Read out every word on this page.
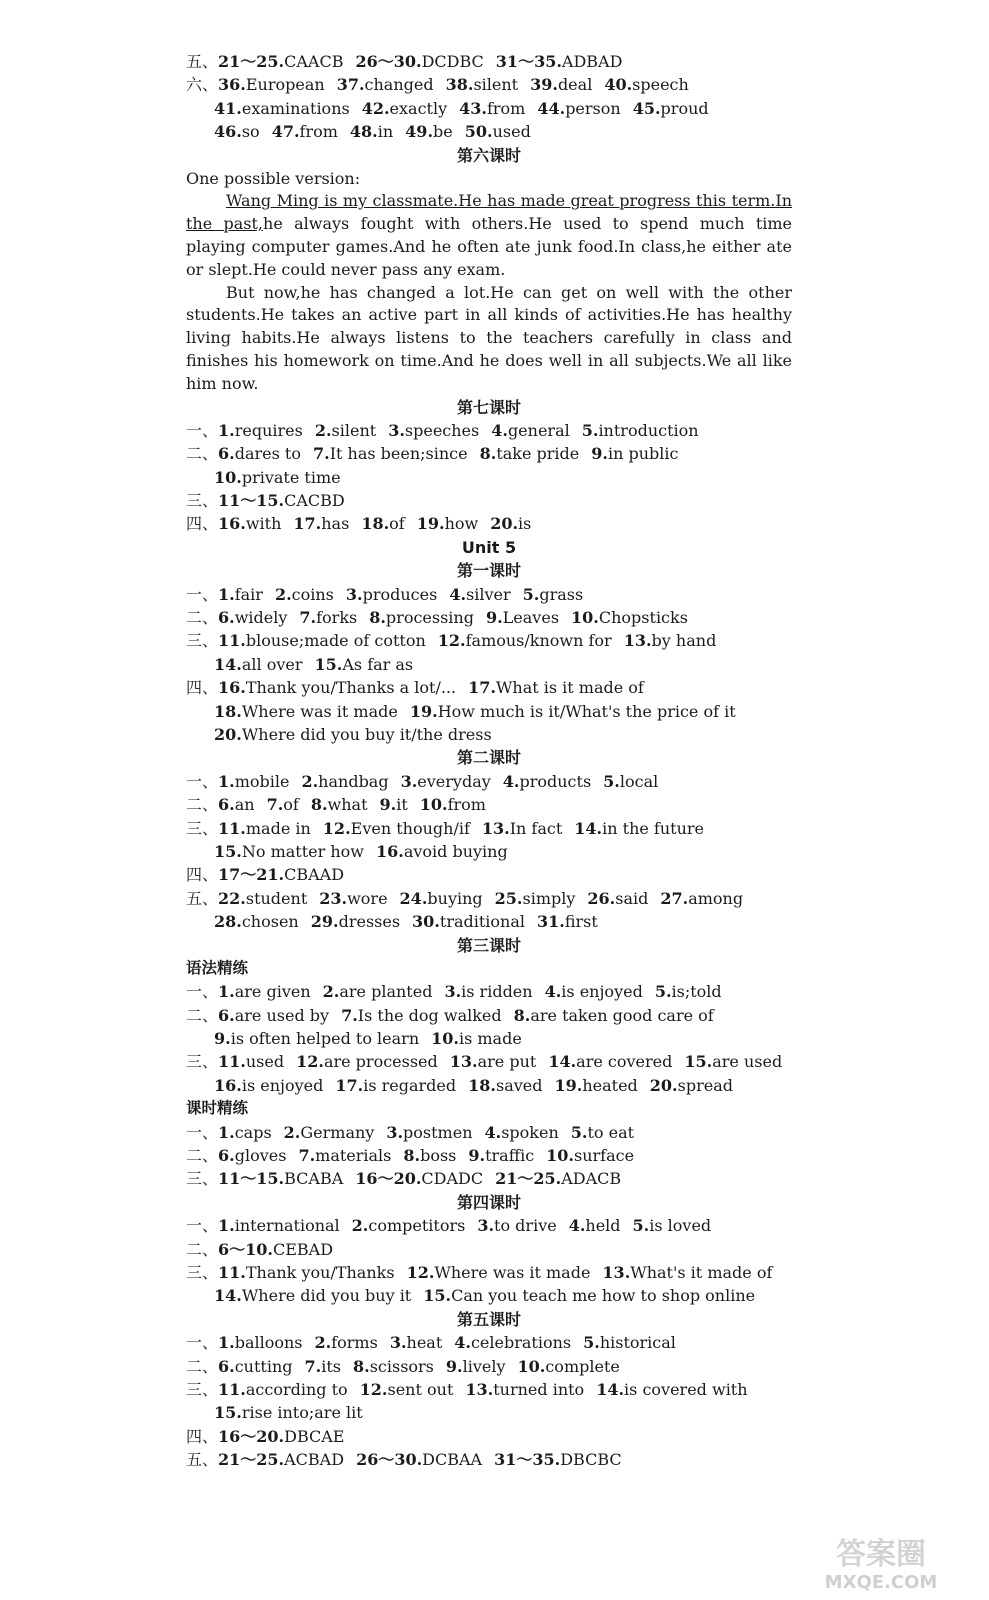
五、21～25.CAACB 26～30.DCDBC 31～35.ADBAD
六、36.European 37.changed 38.silent 39.deal 40.speech
41.examinations 42.exactly 43.from 44.person 45.proud
46.so 47.from 48.in 49.be 50.used
第六课时
One possible version:

Wang Ming is my classmate.He has made great progress this term.In the past,he always fought with others.He used to spend much time playing computer games.And he often ate junk food.In class,he either ate or slept.He could never pass any exam.

But now,he has changed a lot.He can get on well with the other students.He takes an active part in all kinds of activities.He has healthy living habits.He always listens to the teachers carefully in class and finishes his homework on time.And he does well in all subjects.We all like him now.

第七课时
一、1.requires 2.silent 3.speeches 4.general 5.introduction
二、6.dares to 7.It has been;since 8.take pride 9.in public
10.private time
三、11～15.CACBD
四、16.with 17.has 18.of 19.how 20.is
Unit 5
第一课时
一、1.fair 2.coins 3.produces 4.silver 5.grass
二、6.widely 7.forks 8.processing 9.Leaves 10.Chopsticks
三、11.blouse;made of cotton 12.famous/known for 13.by hand
14.all over 15.As far as
四、16.Thank you/Thanks a lot/... 17.What is it made of
18.Where was it made 19.How much is it/What's the price of it
20.Where did you buy it/the dress
第二课时
一、1.mobile 2.handbag 3.everyday 4.products 5.local
二、6.an 7.of 8.what 9.it 10.from
三、11.made in 12.Even though/if 13.In fact 14.in the future
15.No matter how 16.avoid buying
四、17～21.CBAAD
五、22.student 23.wore 24.buying 25.simply 26.said 27.among
28.chosen 29.dresses 30.traditional 31.first
第三课时
语法精练
一、1.are given 2.are planted 3.is ridden 4.is enjoyed 5.is;told
二、6.are used by 7.Is the dog walked 8.are taken good care of
9.is often helped to learn 10.is made
三、11.used 12.are processed 13.are put 14.are covered 15.are used
16.is enjoyed 17.is regarded 18.saved 19.heated 20.spread
课时精练
一、1.caps 2.Germany 3.postmen 4.spoken 5.to eat
二、6.gloves 7.materials 8.boss 9.traffic 10.surface
三、11～15.BCABA 16～20.CDADC 21～25.ADACB
第四课时
一、1.international 2.competitors 3.to drive 4.held 5.is loved
二、6～10.CEBAD
三、11.Thank you/Thanks 12.Where was it made 13.What's it made of
14.Where did you buy it 15.Can you teach me how to shop online
第五课时
一、1.balloons 2.forms 3.heat 4.celebrations 5.historical
二、6.cutting 7.its 8.scissors 9.lively 10.complete
三、11.according to 12.sent out 13.turned into 14.is covered with
15.rise into;are lit
四、16～20.DBCAE
五、21～25.ACBAD 26～30.DCBAA 31～35.DBCBC
答案圈
MXQE.COM
